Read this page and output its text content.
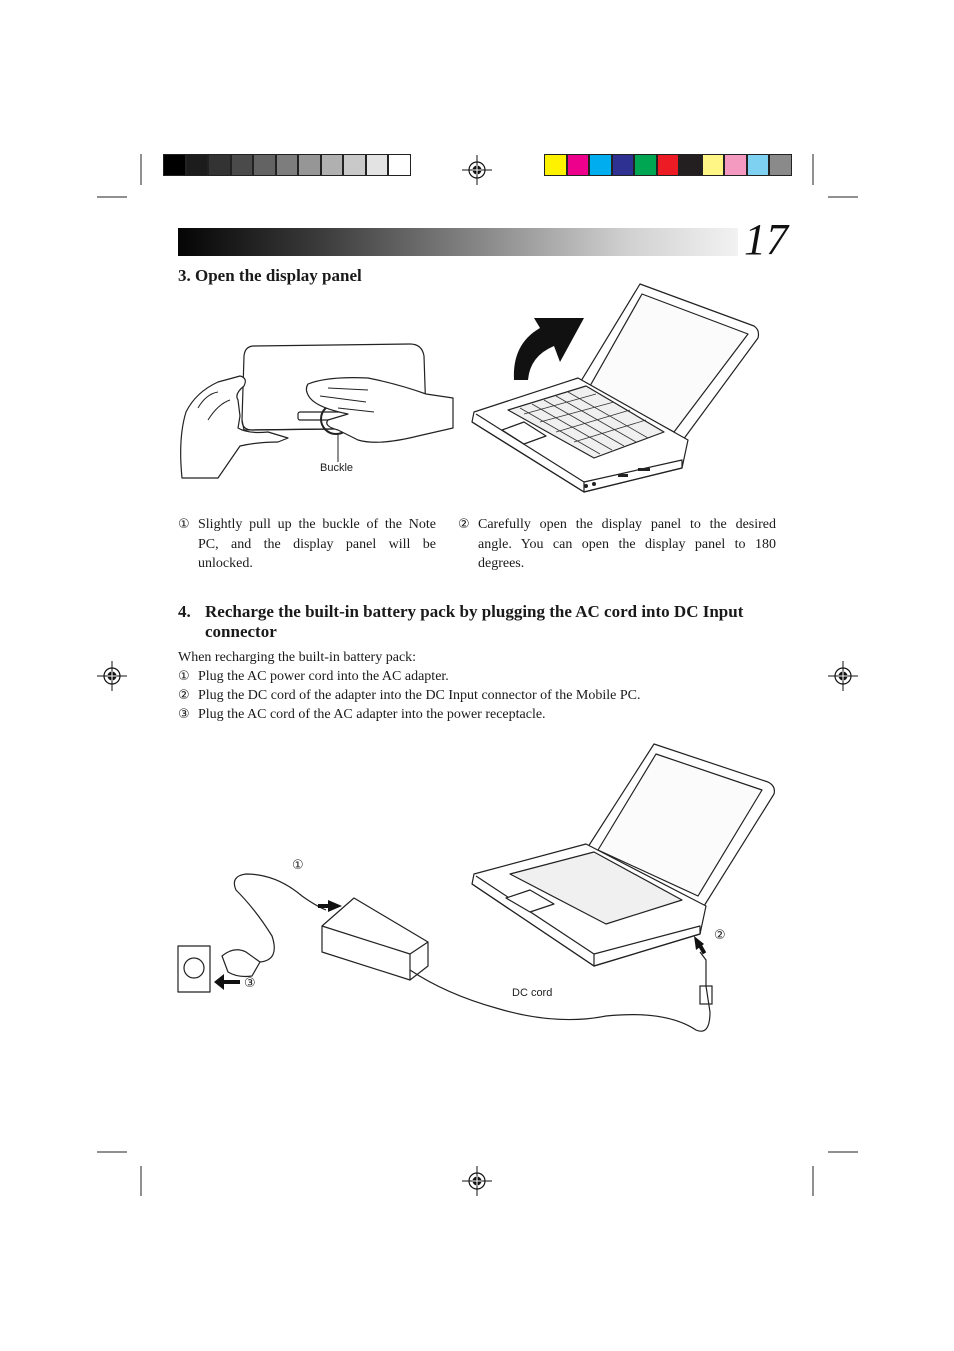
17
3. Open the display panel
Buckle
① Slightly pull up the buckle of the Note PC, and the display panel will be unlocked.
② Carefully open the display panel to the desired angle. You can open the display panel to 180 degrees.
4. Recharge the built-in battery pack by plugging the AC cord into DC Input connector
When recharging the built-in battery pack:
① Plug the AC power cord into the AC adapter.
② Plug the DC cord of the adapter into the DC Input connector of the Mobile PC.
③ Plug the AC cord of the AC adapter into the power receptacle.
①
②
③
DC cord
